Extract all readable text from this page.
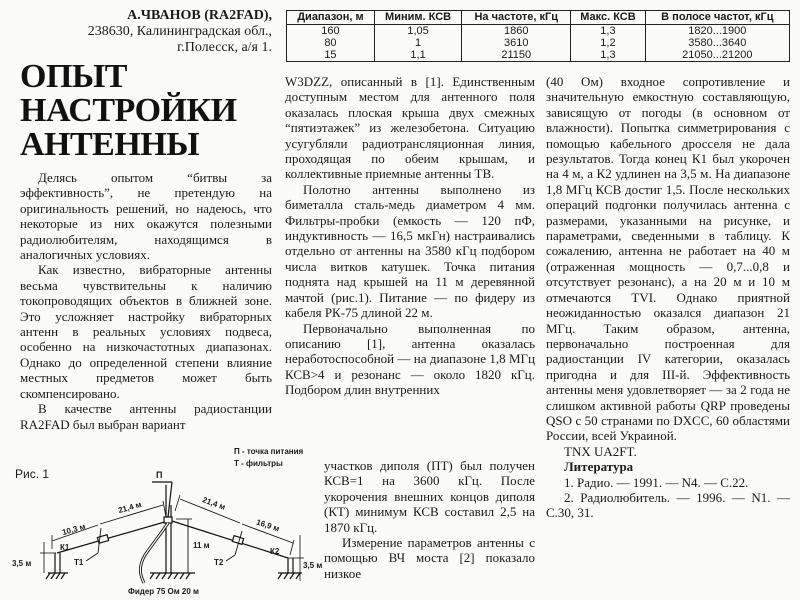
А.ЧВАНОВ (RA2FAD),
238630, Калининградская обл.,
г.Полесск, а/я 1.
ОПЫТ
НАСТРОЙКИ
АНТЕННЫ
Диапазон, м	Миним. КСВ	На частоте, кГц	Макс. КСВ	В полосе частот, кГц
160	1,05	1860	1,3	1820...1900
80	1	3610	1,2	3580...3640
15	1,1	21150	1,3	21050...21200

Делясь опытом “битвы за эффективность”, не претендую на оригинальность решений, но надеюсь, что некоторые из них окажутся полезными радиолюбителям, находящимся в аналогичных условиях.

Как известно, вибраторные антенны весьма чувствительны к наличию токопроводящих объектов в ближней зоне. Это усложняет настройку вибраторных антенн в реальных условиях подвеса, особенно на низкочастотных диапазонах. Однако до определенной степени влияние местных предметов может быть скомпенсировано.

В качестве антенны радиостанции RA2FAD был выбран вариант

W3DZZ, описанный в [1]. Единственным доступным местом для антенного поля оказалась плоская крыша двух смежных “пятиэтажек” из железобетона. Ситуацию усугубляли радиотрансляционная линия, проходящая по обеим крышам, и коллективные приемные антенны ТВ.

Полотно антенны выполнено из биметалла сталь-медь диаметром 4 мм. Фильтры-пробки (емкость — 120 пФ, индуктивность — 16,5 мкГн) настраивались отдельно от антенны на 3580 кГц подбором числа витков катушек. Точка питания поднята над крышей на 11 м деревянной мачтой (рис.1). Питание — по фидеру из кабеля РК-75 длиной 22 м.

Первоначально выполненная по описанию [1], антенна оказалась неработоспособной — на диапазоне 1,8 МГц КСВ>4 и резонанс — около 1820 кГц. Подбором длин внутренних

участков диполя (ПТ) был получен КСВ=1 на 3600 кГц. После укорочения внешних концов диполя (КТ) минимум КСВ составил 2,5 на 1870 кГц.

Измерение параметров антенны с помощью ВЧ моста [2] показало низкое

(40 Ом) входное сопротивление и значительную емкостную составляющую, зависящую от погоды (в основном от влажности). Попытка симметрирования с помощью кабельного дросселя не дала результатов. Тогда конец К1 был укорочен на 4 м, а К2 удлинен на 3,5 м. На диапазоне 1,8 МГц КСВ достиг 1,5. После нескольких операций подгонки получилась антенна с размерами, указанными на рисунке, и параметрами, сведенными в таблицу. К сожалению, антенна не работает на 40 м (отраженная мощность — 0,7...0,8 и отсутствует резонанс), а на 20 м и 10 м отмечаются TVI. Однако приятной неожиданностью оказался диапазон 21 МГц. Таким образом, антенна, первоначально построенная для радиостанции IV категории, оказалась пригодна и для III-й. Эффективность антенны меня удовлетворяет — за 2 года не слишком активной работы QRP проведены QSO с 50 странами по DXCC, 60 областями России, всей Украиной.

TNX UA2FT.

Литература

1. Радио. — 1991. — N4. — С.22.

2. Радиолюбитель. — 1996. — N1. — С.30, 31.

Рис. 1
П - точка питания
Т - фильтры
П
К1	К2
Т1	Т2
10,3 м
21,4 м	21,4 м
16,9 м
11 м
3,5 м	3,5 м
Фидер 75 Ом 20 м
